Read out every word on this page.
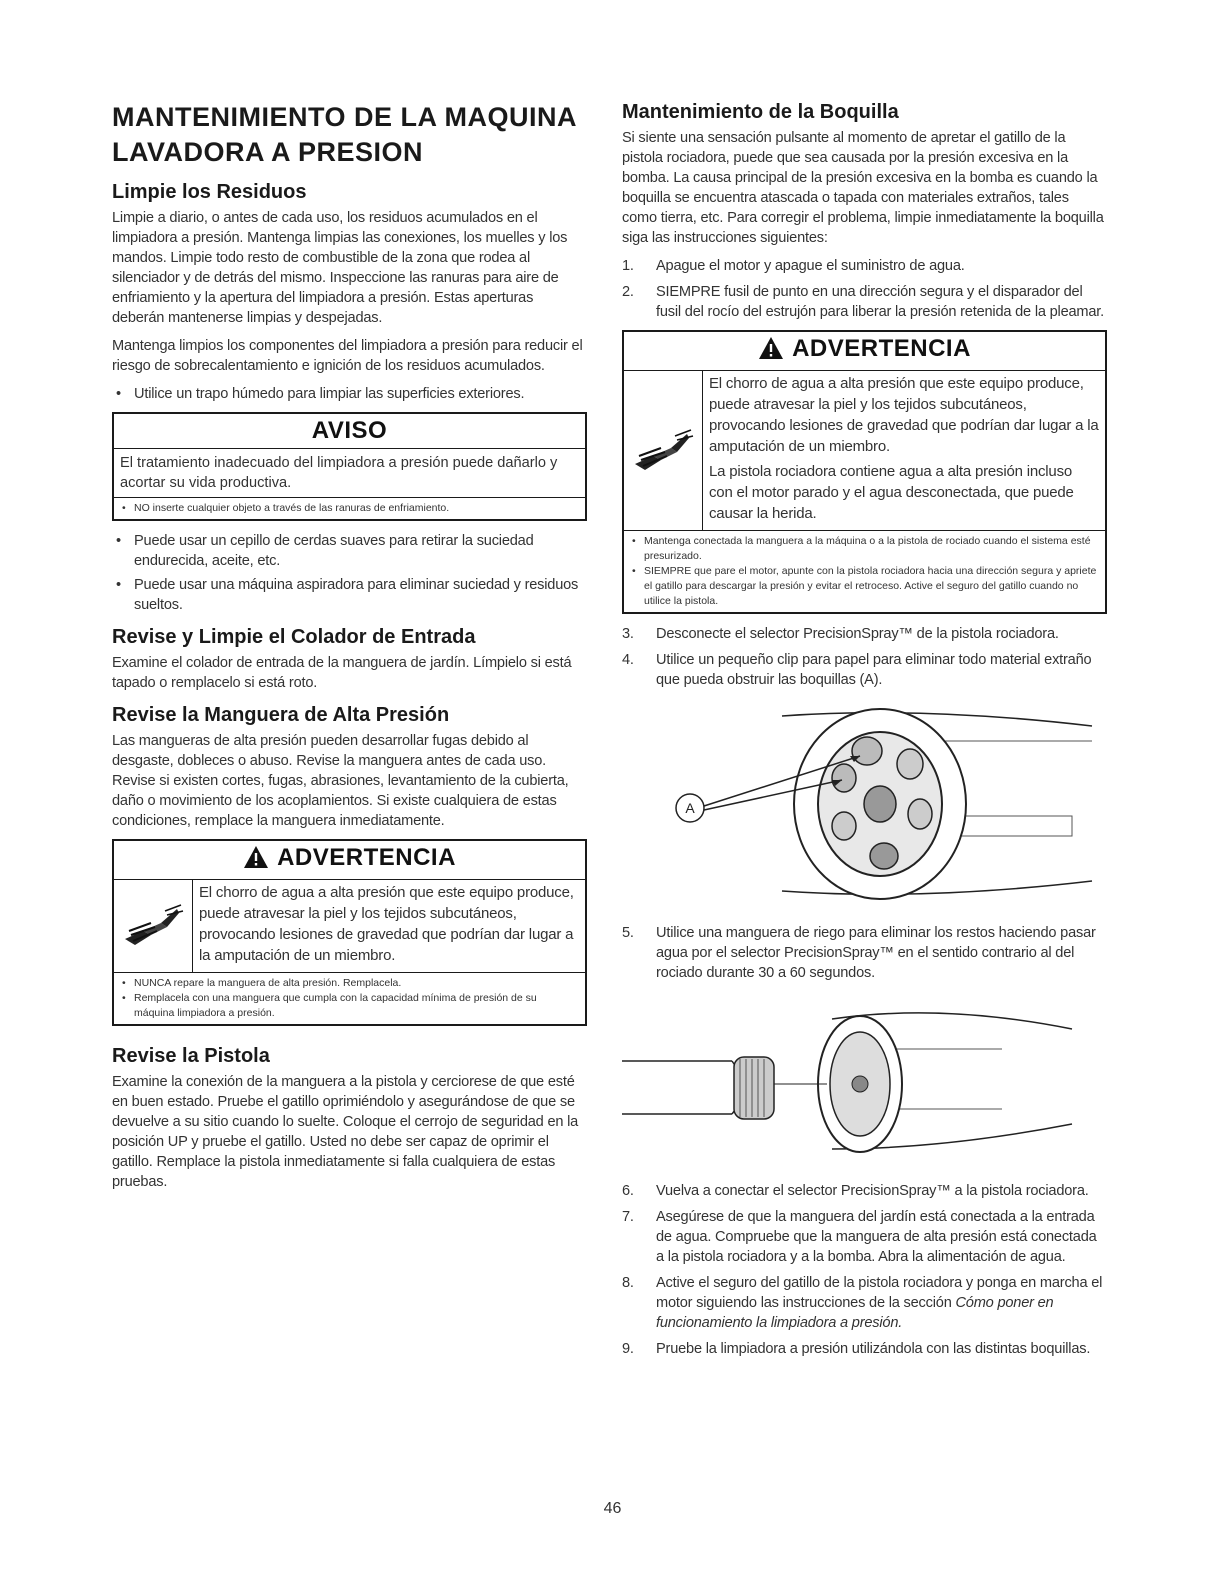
MANTENIMIENTO DE LA MAQUINA
LAVADORA A PRESION
Limpie los Residuos

Limpie a diario, o antes de cada uso, los residuos acumulados en el limpiadora a presión. Mantenga limpias las conexiones, los muelles y los mandos. Limpie todo resto de combustible de la zona que rodea al silenciador y de detrás del mismo. Inspeccione las ranuras para aire de enfriamiento y la apertura del limpiadora a presión. Estas aperturas deberán mantenerse limpias y despejadas.

Mantenga limpios los componentes del limpiadora a presión para reducir el riesgo de sobrecalentamiento e ignición de los residuos acumulados.

• Utilice un trapo húmedo para limpiar las superficies exteriores.
AVISO
El tratamiento inadecuado del limpiadora a presión puede dañarlo y acortar su vida productiva.
• NO inserte cualquier objeto a través de las ranuras de enfriamiento.
• Puede usar un cepillo de cerdas suaves para retirar la suciedad endurecida, aceite, etc.
• Puede usar una máquina aspiradora para eliminar suciedad y residuos sueltos.
Revise y Limpie el Colador de Entrada

Examine el colador de entrada de la manguera de jardín. Límpielo si está tapado o remplacelo si está roto.

Revise la Manguera de Alta Presión

Las mangueras de alta presión pueden desarrollar fugas debido al desgaste, dobleces o abuso. Revise la manguera antes de cada uso. Revise si existen cortes, fugas, abrasiones, levantamiento de la cubierta, daño o movimiento de los acoplamientos. Si existe cualquiera de estas condiciones, remplace la manguera inmediatamente.

ADVERTENCIA

El chorro de agua a alta presión que este equipo produce, puede atravesar la piel y los tejidos subcutáneos, provocando lesiones de gravedad que podrían dar lugar a la amputación de un miembro.

• NUNCA repare la manguera de alta presión. Remplacela.
• Remplacela con una manguera que cumpla con la capacidad mínima de presión de su máquina limpiadora a presión.
Revise la Pistola

Examine la conexión de la manguera a la pistola y cerciorese de que esté en buen estado. Pruebe el gatillo oprimiéndolo y asegurándose de que se devuelve a su sitio cuando lo suelte. Coloque el cerrojo de seguridad en la posición UP y pruebe el gatillo. Usted no debe ser capaz de oprimir el gatillo. Remplace la pistola inmediatamente si falla cualquiera de estas pruebas.

Mantenimiento de la Boquilla

Si siente una sensación pulsante al momento de apretar el gatillo de la pistola rociadora, puede que sea causada por la presión excesiva en la bomba. La causa principal de la presión excesiva en la bomba es cuando la boquilla se encuentra atascada o tapada con materiales extraños, tales como tierra, etc. Para corregir el problema, limpie inmediatamente la boquilla siga las instrucciones siguientes:

1. Apague el motor y apague el suministro de agua.
2. SIEMPRE fusil de punto en una dirección segura y el disparador del fusil del rocío del estrujón para liberar la presión retenida de la pleamar.
ADVERTENCIA

El chorro de agua a alta presión que este equipo produce, puede atravesar la piel y los tejidos subcutáneos, provocando lesiones de gravedad que podrían dar lugar a la amputación de un miembro.

La pistola rociadora contiene agua a alta presión incluso con el motor parado y el agua desconectada, que puede causar la herida.

• Mantenga conectada la manguera a la máquina o a la pistola de rociado cuando el sistema esté presurizado.
• SIEMPRE que pare el motor, apunte con la pistola rociadora hacia una dirección segura y apriete el gatillo para descargar la presión y evitar el retroceso. Active el seguro del gatillo cuando no utilice la pistola.
3. Desconecte el selector PrecisionSpray™ de la pistola rociadora.
4. Utilice un pequeño clip para papel para eliminar todo material extraño que pueda obstruir las boquillas (A).
A
5. Utilice una manguera de riego para eliminar los restos haciendo pasar agua por el selector PrecisionSpray™ en el sentido contrario al del rociado durante 30 a 60 segundos.
6. Vuelva a conectar el selector PrecisionSpray™ a la pistola rociadora.
7. Asegúrese de que la manguera del jardín está conectada a la entrada de agua. Compruebe que la manguera de alta presión está conectada a la pistola rociadora y a la bomba. Abra la alimentación de agua.
8. Active el seguro del gatillo de la pistola rociadora y ponga en marcha el motor siguiendo las instrucciones de la sección Cómo poner en funcionamiento la limpiadora a presión.
9. Pruebe la limpiadora a presión utilizándola con las distintas boquillas.
46
